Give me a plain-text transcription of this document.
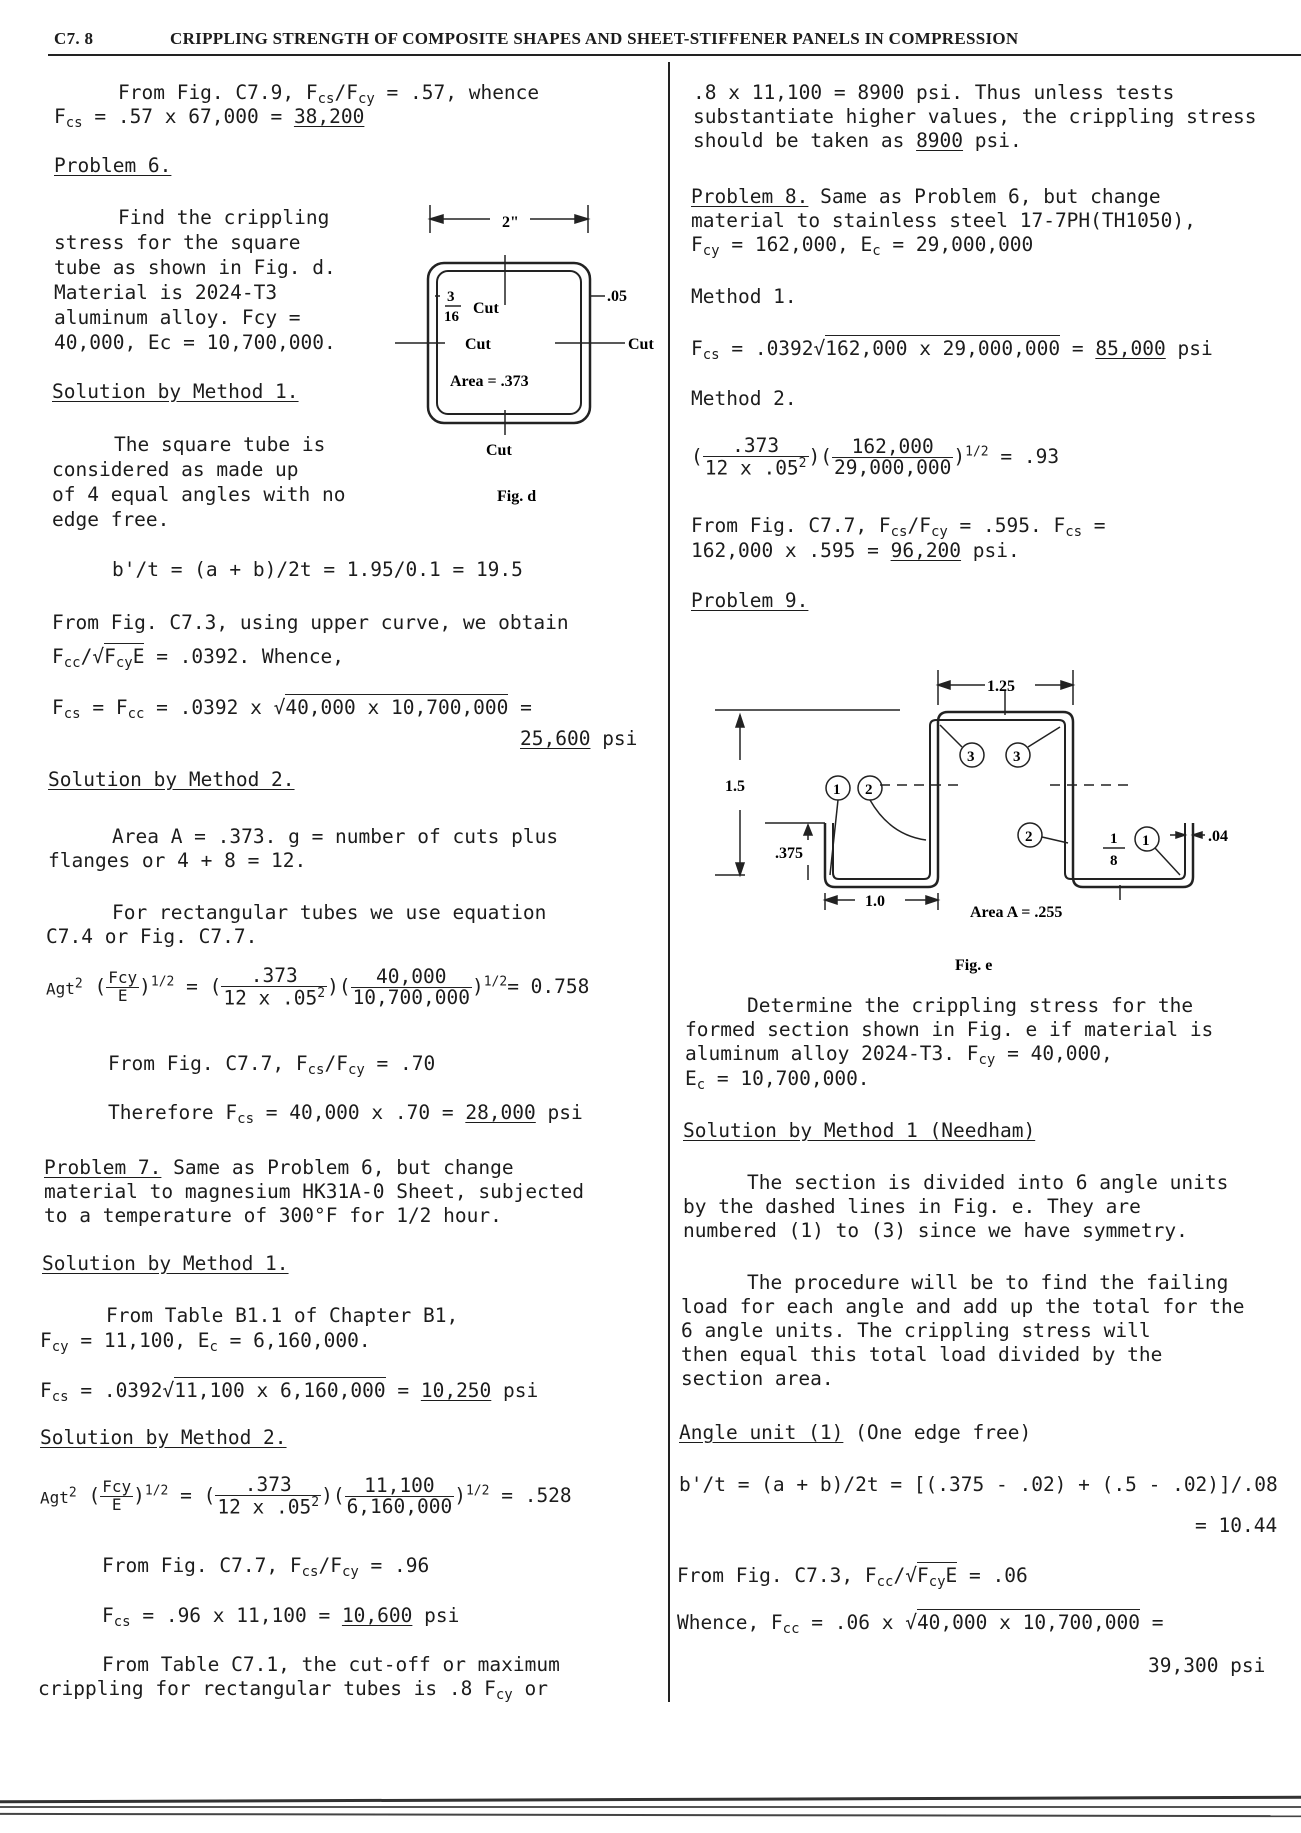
C7. 8	CRIPPLING STRENGTH OF COMPOSITE SHAPES AND SHEET-STIFFENER PANELS IN COMPRESSION
From Fig. C7.9, $F_{cs}/F_{cy} = .57$, whence
$F_{cs} = .57$ x 67,000 = 38,200
Problem 6.
Find the crippling
stress for the square
tube as shown in Fig. d.
Material is 2024-T3
aluminum alloy. Fcy =
40,000, Ec = 10,700,000.
Solution by Method 1.
The square tube is
considered as made up
of 4 equal angles with no
edge free.
2"
3
16 Cut
Cut	Cut
Cut
.05
Area = .373
Fig. d
b'/t = (a + b)/2t = 1.95/0.1 = 19.5
From Fig. C7.3, using upper curve, we obtain
$F_{cc}/√F_{cy}E = .0392$. Whence,
$F_{cs} = F_{cc} = .0392$ x √40,000 x 10,700,000 =
25,600 psi
Solution by Method 2.
Area A = .373. g = number of cuts plus
flanges or 4 + 8 = 12.
For rectangular tubes we use equation
C7.4 or Fig. C7.7.
Agt$^2$ ( $\frac{\text{Fcy}}{E} )^{1/2}$ = ( $\frac{.373}{12 x .05^2}$ )( $\frac{40,000}{10,700,000} )^{1/2}= 0.758$
From Fig. C7.7, $F_{cs}/F_{cy} = .70$
Therefore $F_{cs} = 40,000$ x .70 = 28,000 psi
Problem 7. Same as Problem 6, but change
material to magnesium HK31A-0 Sheet, subjected
to a temperature of 300°F for 1/2 hour.
Solution by Method 1.
From Table B1.1 of Chapter B1,
$F_{cy} = 11,100$, $E_c = 6,160,000$.
$F_{cs} = .0392√11,100$ x 6,160,000 = 10,250 psi
Solution by Method 2.
Agt$^2$ ( $\frac{\text{Fcy}}{E} )^{1/2}$ = ( $\frac{.373}{12 x .05^2}$ )( $\frac{11,100}{6,160,000} )^{1/2} = .528$
From Fig. C7.7, $F_{cs}/F_{cy} = .96$
$F_{cs} = .96$ x 11,100 = 10,600 psi
From Table C7.1, the cut-off or maximum
crippling for rectangular tubes is .8 $F_{cy}$ or
.8 x 11,100 = 8900 psi. Thus unless tests
substantiate higher values, the crippling stress
should be taken as 8900 psi.
Problem 8. Same as Problem 6, but change
material to stainless steel 17-7PH(TH1050),
$F_{cy} = 162,000$, $E_c = 29,000,000$
Method 1.
$F_{cs} = .0392√162,000$ x 29,000,000 = 85,000 psi
Method 2.
( $\frac{.373}{12 x .05^2}$ )( $\frac{162,000}{29,000,000} )^{1/2} = .93$
From Fig. C7.7, $F_{cs}/F_{cy} = .595$. $F_{cs}$ =
162,000 x .595 = 96,200 psi.
Problem 9.
1 2
3	3
2	1
1.25
1.5
.375
1.0
.04
1
8
Area A = .255
Fig. e
Determine the crippling stress for the
formed section shown in Fig. e if material is
aluminum alloy 2024-T3. $F_{cy} = 40,000$,
$E_c = 10,700,000$.
Solution by Method 1 (Needham)
The section is divided into 6 angle units
by the dashed lines in Fig. e. They are
numbered (1) to (3) since we have symmetry.
The procedure will be to find the failing
load for each angle and add up the total for the
6 angle units. The crippling stress will
then equal this total load divided by the
section area.
Angle unit (1) (One edge free)
b'/t = (a + b)/2t = [(.375 - .02) + (.5 - .02)]/.08
= 10.44
From Fig. C7.3, $F_{cc}/√F_{cy}E = .06$
Whence, $F_{cc} = .06$ x √40,000 x 10,700,000 =
39,300 psi
